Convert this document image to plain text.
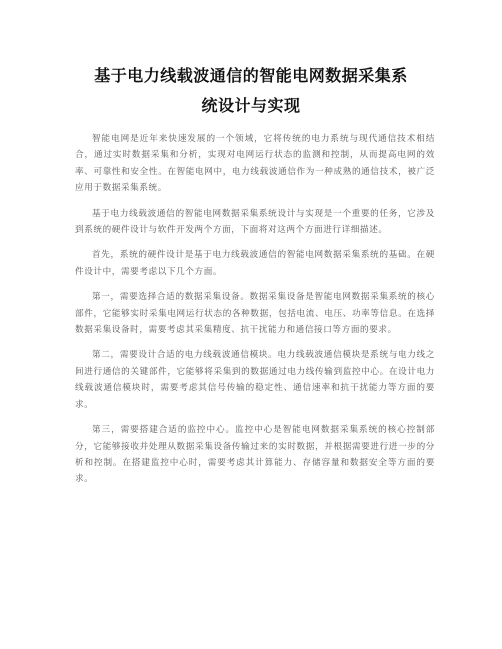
基于电力线载波通信的智能电网数据采集系
统设计与实现

智能电网是近年来快速发展的一个领域，它将传统的电力系统与现代通信技术相结合，通过实时数据采集和分析，实现对电网运行状态的监测和控制，从而提高电网的效率、可靠性和安全性。在智能电网中，电力线载波通信作为一种成熟的通信技术，被广泛应用于数据采集系统。

基于电力线载波通信的智能电网数据采集系统设计与实现是一个重要的任务，它涉及到系统的硬件设计与软件开发两个方面，下面将对这两个方面进行详细描述。

首先，系统的硬件设计是基于电力线载波通信的智能电网数据采集系统的基础。在硬件设计中，需要考虑以下几个方面。

第一，需要选择合适的数据采集设备。数据采集设备是智能电网数据采集系统的核心部件，它能够实时采集电网运行状态的各种数据，包括电流、电压、功率等信息。在选择数据采集设备时，需要考虑其采集精度、抗干扰能力和通信接口等方面的要求。

第二，需要设计合适的电力线载波通信模块。电力线载波通信模块是系统与电力线之间进行通信的关键部件，它能够将采集到的数据通过电力线传输到监控中心。在设计电力线载波通信模块时，需要考虑其信号传输的稳定性、通信速率和抗干扰能力等方面的要求。

第三，需要搭建合适的监控中心。监控中心是智能电网数据采集系统的核心控制部分，它能够接收并处理从数据采集设备传输过来的实时数据，并根据需要进行进一步的分析和控制。在搭建监控中心时，需要考虑其计算能力、存储容量和数据安全等方面的要求。
